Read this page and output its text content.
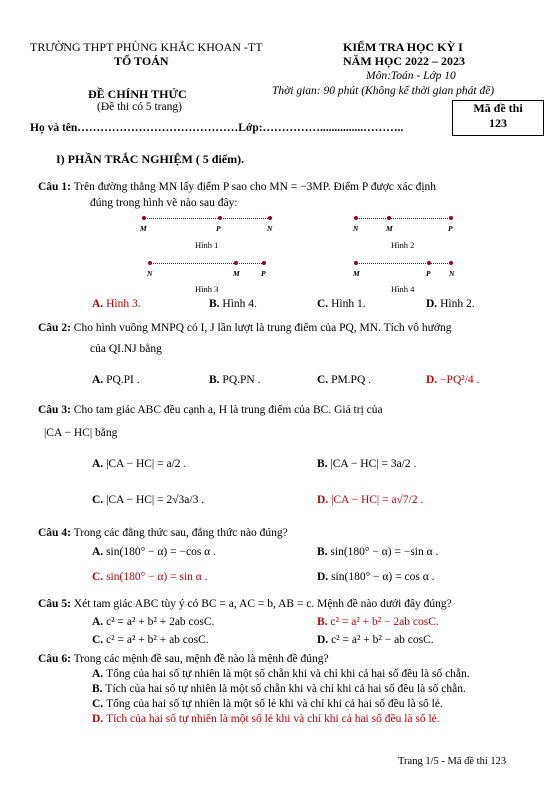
TRƯỜNG THPT PHÙNG KHẮC KHOAN -TT
TỔ TOÁN
ĐỀ CHÍNH THỨC
(Đề thi có 5 trang)
KIỂM TRA HỌC KỲ I
NĂM HỌC 2022 – 2023
Môn:Toán - Lớp 10
Thời gian: 90 phút (Không kể thời gian phát đề)
Mã đề thi
123
Họ và tên……………………………………Lớp:……………...............………..
I) PHẦN TRẮC NGHIỆM ( 5 điểm).
Câu 1: Trên đường thẳng MN lấy điểm P sao cho MN = −3MP. Điểm P được xác định
đúng trong hình vẽ nào sau đây:
M	P	N
Hình 1
N	M	P
Hình 2
N	M	P
Hình 3
M	P N
Hình 4
A. Hình 3.	B. Hình 4.	C. Hình 1.	D. Hình 2.
Câu 2: Cho hình vuông MNPQ có I, J lần lượt là trung điểm của PQ, MN. Tích vô hướng
của QI.NJ bằng
A. PQ.PI .	B. PQ.PN .	C. PM.PQ .	D. −PQ²/4 .
Câu 3: Cho tam giác ABC đều cạnh a, H là trung điểm của BC. Giá trị của
|CA − HC| bằng
A. |CA − HC| = a/2 .	B. |CA − HC| = 3a/2 .
C. |CA − HC| = 2√3a/3 .	D. |CA − HC| = a√7/2 .
Câu 4: Trong các đẳng thức sau, đẳng thức nào đúng?
A. sin(180° − α) = −cos α .	B. sin(180° − α) = −sin α .
C. sin(180° − α) = sin α .	D. sin(180° − α) = cos α .
Câu 5: Xét tam giác ABC tùy ý có BC = a, AC = b, AB = c. Mệnh đề nào dưới đây đúng?
A. c² = a² + b² + 2ab cosC.	B. c² = a² + b² − 2ab cosC.
C. c² = a² + b² + ab cosC.	D. c² = a² + b² − ab cosC.
Câu 6: Trong các mệnh đề sau, mệnh đề nào là mệnh đề đúng?
A. Tổng của hai số tự nhiên là một số chẵn khi và chỉ khi cả hai số đều là số chẵn.
B. Tích của hai số tự nhiên là một số chẵn khi và chỉ khi cả hai số đều là số chẵn.
C. Tổng của hai số tự nhiên là một số lẻ khi và chỉ khi cả hai số đều là số lẻ.
D. Tích của hai số tự nhiên là một số lẻ khi và chỉ khi cả hai số đều là số lẻ.
Trang 1/5 - Mã đề thi 123
